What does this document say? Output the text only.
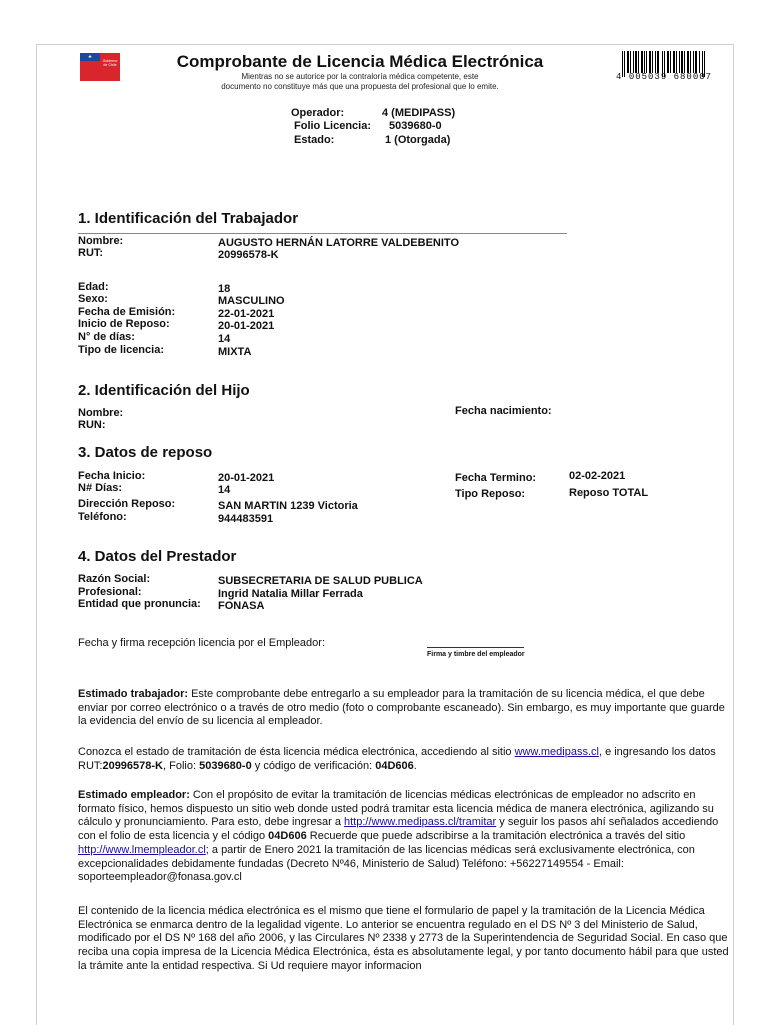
Gobierno
de Chile	Comprobante de Licencia Médica Electrónica
Mientras no se autorice por la contraloría médica competente, este
documento no constituye más que una propuesta del profesional que lo emite.
4 005039 680007
Operador:	4 (MEDIPASS)
Folio Licencia: 5039680-0
Estado:	1 (Otorgada)
1. Identificación del Trabajador
Nombre:	AUGUSTO HERNÁN LATORRE VALDEBENITO
RUT:	20996578-K
Edad:	18
Sexo:	MASCULINO
Fecha de Emisión:	22-01-2021
Inicio de Reposo:	20-01-2021
N° de días:	14
Tipo de licencia:	MIXTA
2. Identificación del Hijo
Nombre:
RUN:
Fecha nacimiento:
3. Datos de reposo
Fecha Inicio:	20-01-2021
N# Días:	14
Dirección Reposo:	SAN MARTIN 1239 Victoria
Teléfono:	944483591
Fecha Termino:	02-02-2021
Tipo Reposo:	Reposo TOTAL
4. Datos del Prestador
Razón Social:	SUBSECRETARIA DE SALUD PUBLICA
Profesional:	Ingrid Natalia Millar Ferrada
Entidad que pronuncia: FONASA
Fecha y firma recepción licencia por el Empleador:
Firma y timbre del empleador
Estimado trabajador: Este comprobante debe entregarlo a su empleador para la tramitación de su licencia médica, el que debe enviar por correo electrónico o a través de otro medio (foto o comprobante escaneado). Sin embargo, es muy importante que guarde la evidencia del envío de su licencia al empleador.
Conozca el estado de tramitación de ésta licencia médica electrónica, accediendo al sitio www.medipass.cl, e ingresando los datos RUT:20996578-K, Folio: 5039680-0 y código de verificación: 04D606.
Estimado empleador: Con el propósito de evitar la tramitación de licencias médicas electrónicas de empleador no adscrito en formato físico, hemos dispuesto un sitio web donde usted podrá tramitar esta licencia médica de manera electrónica, agilizando su cálculo y pronunciamiento. Para esto, debe ingresar a http://www.medipass.cl/tramitar y seguir los pasos ahí señalados accediendo con el folio de esta licencia y el código 04D606 Recuerde que puede adscribirse a la tramitación electrónica a través del sitio http://www.lmempleador.cl; a partir de Enero 2021 la tramitación de las licencias médicas será exclusivamente electrónica, con excepcionalidades debidamente fundadas (Decreto Nº46, Ministerio de Salud) Teléfono: +56227149554 - Email: soporteempleador@fonasa.gov.cl
El contenido de la licencia médica electrónica es el mismo que tiene el formulario de papel y la tramitación de la Licencia Médica Electrónica se enmarca dentro de la legalidad vigente. Lo anterior se encuentra regulado en el DS Nº 3 del Ministerio de Salud, modificado por el DS Nº 168 del año 2006, y las Circulares Nº 2338 y 2773 de la Superintendencia de Seguridad Social. En caso que reciba una copia impresa de la Licencia Médica Electrónica, ésta es absolutamente legal, y por tanto documento hábil para que usted la trámite ante la entidad respectiva. Si Ud requiere mayor informacion
